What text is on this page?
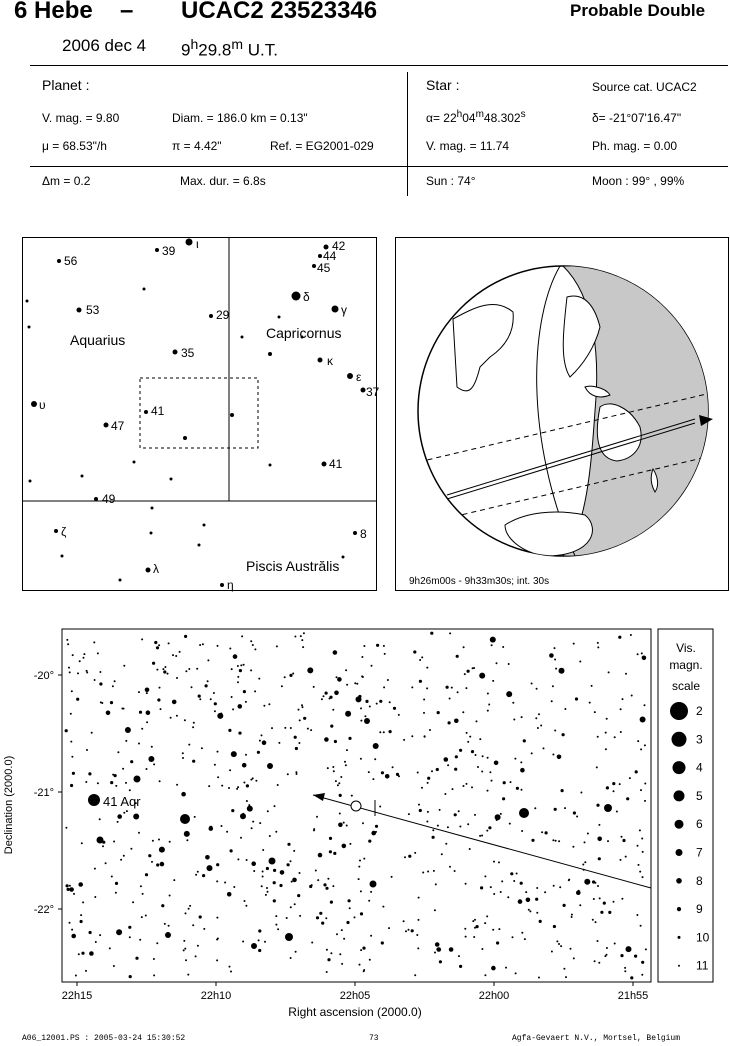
6 Hebe – UCAC2 23523346	Probable Double
2006 dec 4 9$^h$29.8$^m$ U.T.
Planet :
V. mag. = 9.80	Diam. = 186.0 km = 0.13"
μ = 68.53"/h	π = 4.42"	Ref. = EG2001-029
Star :	Source cat. UCAC2
$\alpha= 22^h04^m48.302^s$	δ= -21°07'16.47"
V. mag. = 11.74	Ph. mag. = 0.00
Δm = 0.2	Max. dur. = 6.8s	Sun : 74°	Moon : 99° , 99%
56
39 ι	42
44
45
53	29
δ
γ
35
κ
ε
37
υ	41
47
41
49
ζ	8
λ
η
Aquarius	Capricornus
Piscis Austrălis
9h26m00s - 9h33m30s; int. 30s
41 Aqr
-20°
-21°
-22°
22h15	22h10	22h05	22h00	21h55
Right ascension (2000.0)
Declination (2000.0)
Vis.
magn.
scale
2
3
4
5
6
7
8
9
10
11
A06_12001.PS : 2005-03-24 15:30:52	73	Agfa-Gevaert N.V., Mortsel, Belgium
